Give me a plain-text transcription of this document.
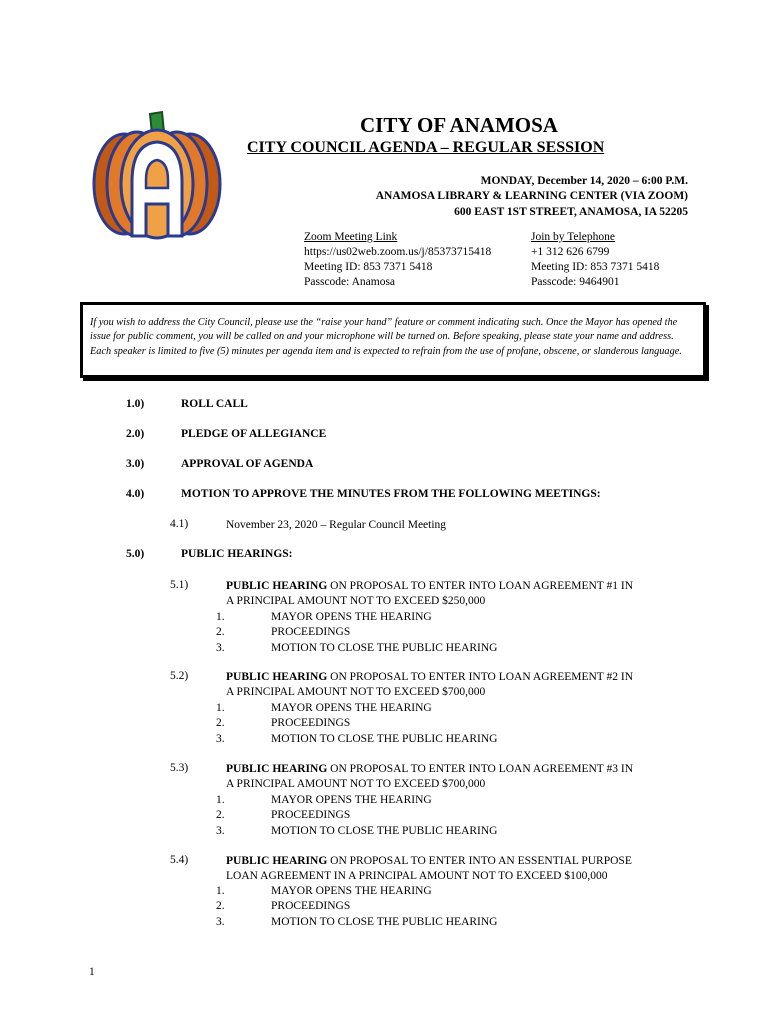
CITY OF ANAMOSA
CITY COUNCIL AGENDA – REGULAR SESSION
MONDAY, December 14, 2020 – 6:00 P.M.
ANAMOSA LIBRARY & LEARNING CENTER (VIA ZOOM)
600 EAST 1ST STREET, ANAMOSA, IA 52205
Zoom Meeting Link
https://us02web.zoom.us/j/85373715418
Meeting ID: 853 7371 5418
Passcode: Anamosa
Join by Telephone
+1 312 626 6799
Meeting ID: 853 7371 5418
Passcode: 9464901
If you wish to address the City Council, please use the “raise your hand” feature or comment indicating such. Once the Mayor has opened the issue for public comment, you will be called on and your microphone will be turned on. Before speaking, please state your name and address. Each speaker is limited to five (5) minutes per agenda item and is expected to refrain from the use of profane, obscene, or slanderous language.
1.0)	ROLL CALL
2.0)	PLEDGE OF ALLEGIANCE
3.0)	APPROVAL OF AGENDA
4.0)	MOTION TO APPROVE THE MINUTES FROM THE FOLLOWING MEETINGS:
4.1)	November 23, 2020 – Regular Council Meeting
5.0)	PUBLIC HEARINGS:
5.1)	PUBLIC HEARING ON PROPOSAL TO ENTER INTO LOAN AGREEMENT #1 IN
A PRINCIPAL AMOUNT NOT TO EXCEED $250,000
1.	MAYOR OPENS THE HEARING
2.	PROCEEDINGS
3.	MOTION TO CLOSE THE PUBLIC HEARING
5.2)	PUBLIC HEARING ON PROPOSAL TO ENTER INTO LOAN AGREEMENT #2 IN
A PRINCIPAL AMOUNT NOT TO EXCEED $700,000
1.	MAYOR OPENS THE HEARING
2.	PROCEEDINGS
3.	MOTION TO CLOSE THE PUBLIC HEARING
5.3)	PUBLIC HEARING ON PROPOSAL TO ENTER INTO LOAN AGREEMENT #3 IN
A PRINCIPAL AMOUNT NOT TO EXCEED $700,000
1.	MAYOR OPENS THE HEARING
2.	PROCEEDINGS
3.	MOTION TO CLOSE THE PUBLIC HEARING
5.4)	PUBLIC HEARING ON PROPOSAL TO ENTER INTO AN ESSENTIAL PURPOSE
LOAN AGREEMENT IN A PRINCIPAL AMOUNT NOT TO EXCEED $100,000
1.	MAYOR OPENS THE HEARING
2.	PROCEEDINGS
3.	MOTION TO CLOSE THE PUBLIC HEARING
1
